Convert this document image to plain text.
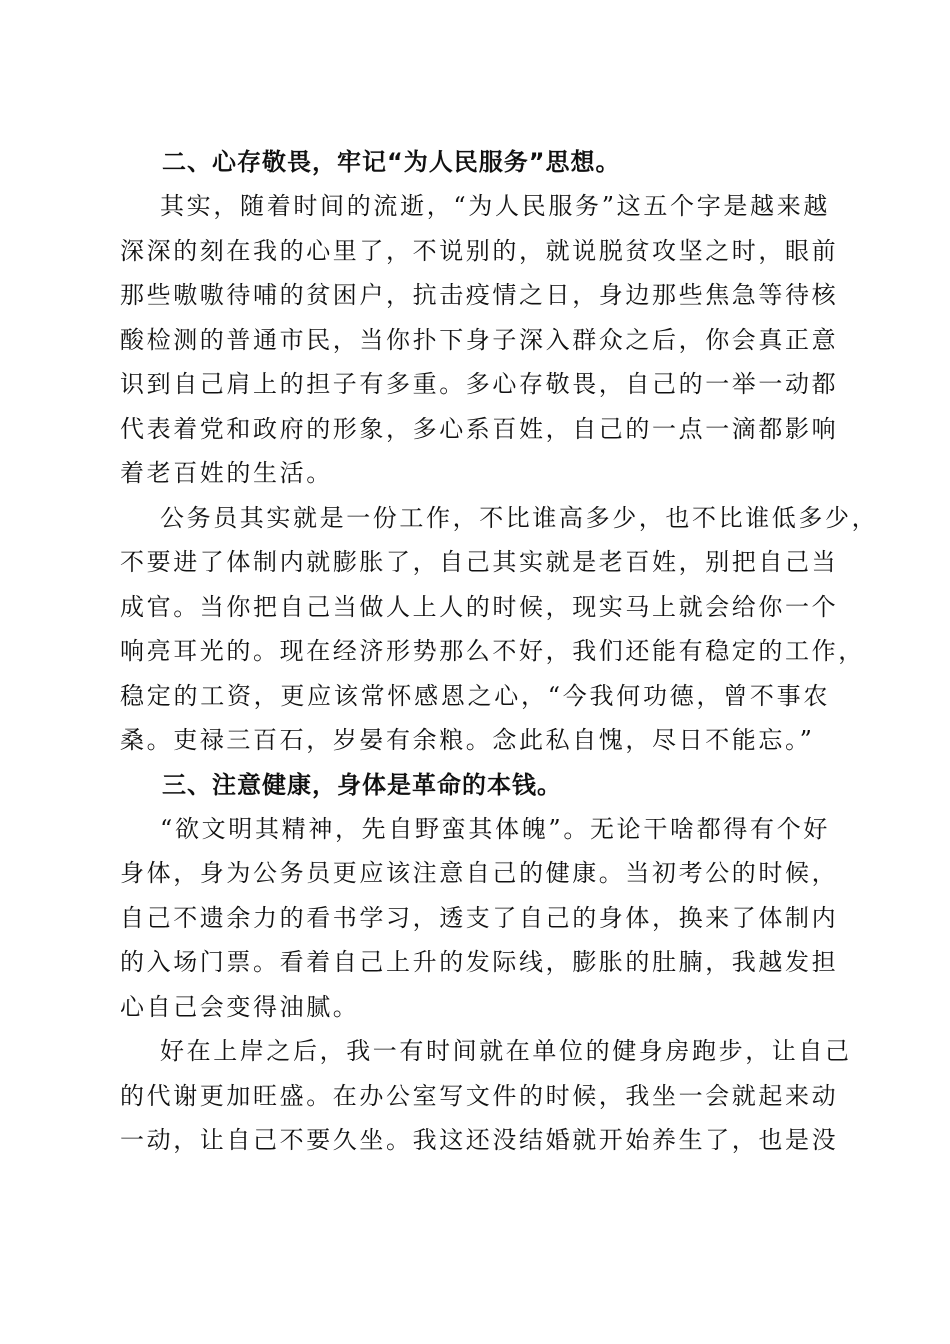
二、心存敬畏，牢记“为人民服务”思想。
其实，随着时间的流逝，“为人民服务”这五个字是越来越
深深的刻在我的心里了，不说别的，就说脱贫攻坚之时，眼前
那些嗷嗷待哺的贫困户，抗击疫情之日，身边那些焦急等待核
酸检测的普通市民，当你扑下身子深入群众之后，你会真正意
识到自己肩上的担子有多重。多心存敬畏，自己的一举一动都
代表着党和政府的形象，多心系百姓，自己的一点一滴都影响
着老百姓的生活。
公务员其实就是一份工作，不比谁高多少，也不比谁低多少，
不要进了体制内就膨胀了，自己其实就是老百姓，别把自己当
成官。当你把自己当做人上人的时候，现实马上就会给你一个
响亮耳光的。现在经济形势那么不好，我们还能有稳定的工作，
稳定的工资，更应该常怀感恩之心，“今我何功德，曾不事农
桑。吏禄三百石，岁晏有余粮。念此私自愧，尽日不能忘。”
三、注意健康，身体是革命的本钱。
“欲文明其精神，先自野蛮其体魄”。无论干啥都得有个好
身体，身为公务员更应该注意自己的健康。当初考公的时候，
自己不遗余力的看书学习，透支了自己的身体，换来了体制内
的入场门票。看着自己上升的发际线，膨胀的肚腩，我越发担
心自己会变得油腻。
好在上岸之后，我一有时间就在单位的健身房跑步，让自己
的代谢更加旺盛。在办公室写文件的时候，我坐一会就起来动
一动，让自己不要久坐。我这还没结婚就开始养生了，也是没
